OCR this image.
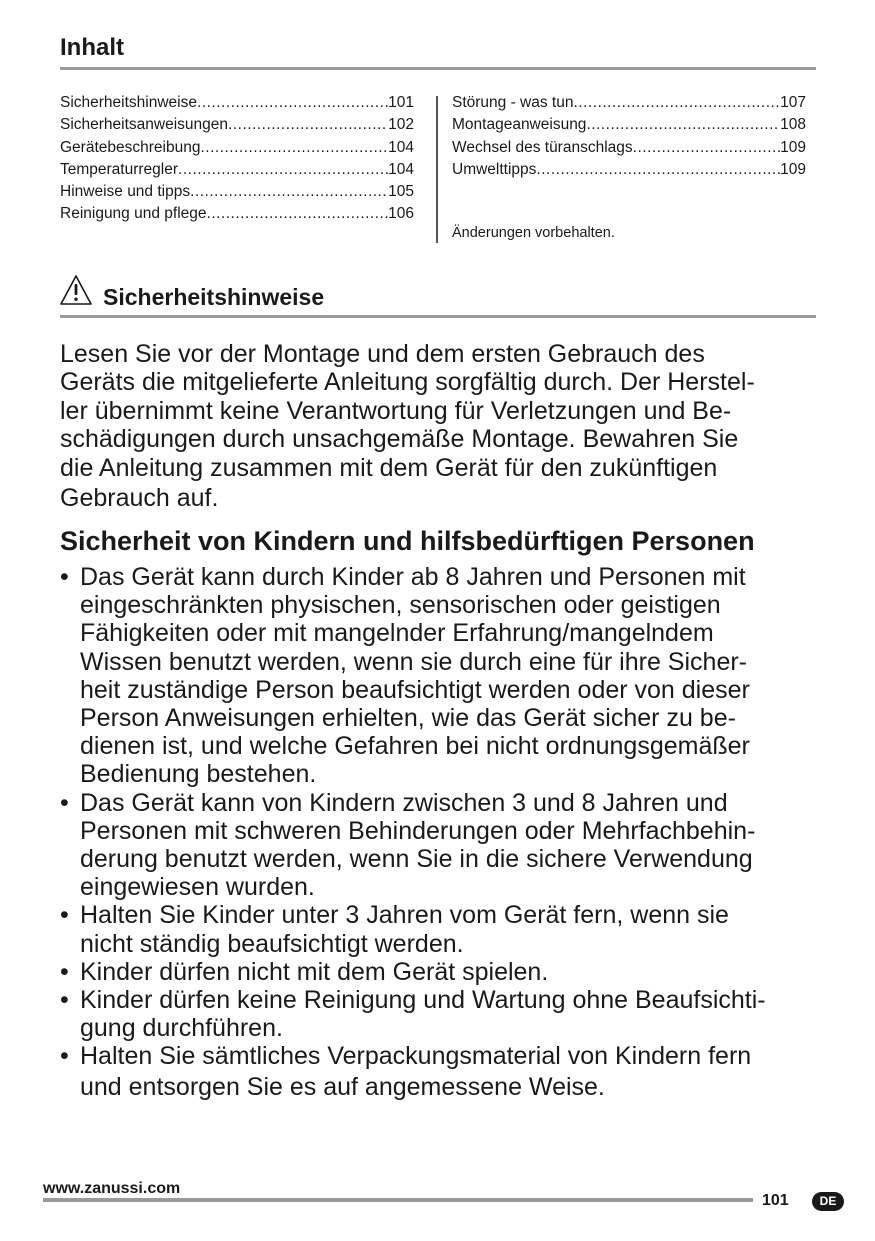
Inhalt
Sicherheitshinweise .....	101
Sicherheitsanweisungen .....	102
Gerätebeschreibung .....	104
Temperaturregler .....	104
Hinweise und tipps .....	105
Reinigung und pflege .....	106
Störung - was tun .....	107
Montageanweisung .....	108
Wechsel des türanschlags .....	109
Umwelttipps .....	109
Änderungen vorbehalten.
Sicherheitshinweise
Lesen Sie vor der Montage und dem ersten Gebrauch des
Geräts die mitgelieferte Anleitung sorgfältig durch. Der Herstel-
ler übernimmt keine Verantwortung für Verletzungen und Be-
schädigungen durch unsachgemäße Montage. Bewahren Sie
die Anleitung zusammen mit dem Gerät für den zukünftigen
Gebrauch auf.
Sicherheit von Kindern und hilfsbedürftigen Personen
• Das Gerät kann durch Kinder ab 8 Jahren und Personen mit
eingeschränkten physischen, sensorischen oder geistigen
Fähigkeiten oder mit mangelnder Erfahrung/mangelndem
Wissen benutzt werden, wenn sie durch eine für ihre Sicher-
heit zuständige Person beaufsichtigt werden oder von dieser
Person Anweisungen erhielten, wie das Gerät sicher zu be-
dienen ist, und welche Gefahren bei nicht ordnungsgemäßer
Bedienung bestehen.
• Das Gerät kann von Kindern zwischen 3 und 8 Jahren und
Personen mit schweren Behinderungen oder Mehrfachbehin-
derung benutzt werden, wenn Sie in die sichere Verwendung
eingewiesen wurden.
• Halten Sie Kinder unter 3 Jahren vom Gerät fern, wenn sie
nicht ständig beaufsichtigt werden.
• Kinder dürfen nicht mit dem Gerät spielen.
• Kinder dürfen keine Reinigung und Wartung ohne Beaufsichti-
gung durchführen.
• Halten Sie sämtliches Verpackungsmaterial von Kindern fern
und entsorgen Sie es auf angemessene Weise.
www.zanussi.com
101	DE
